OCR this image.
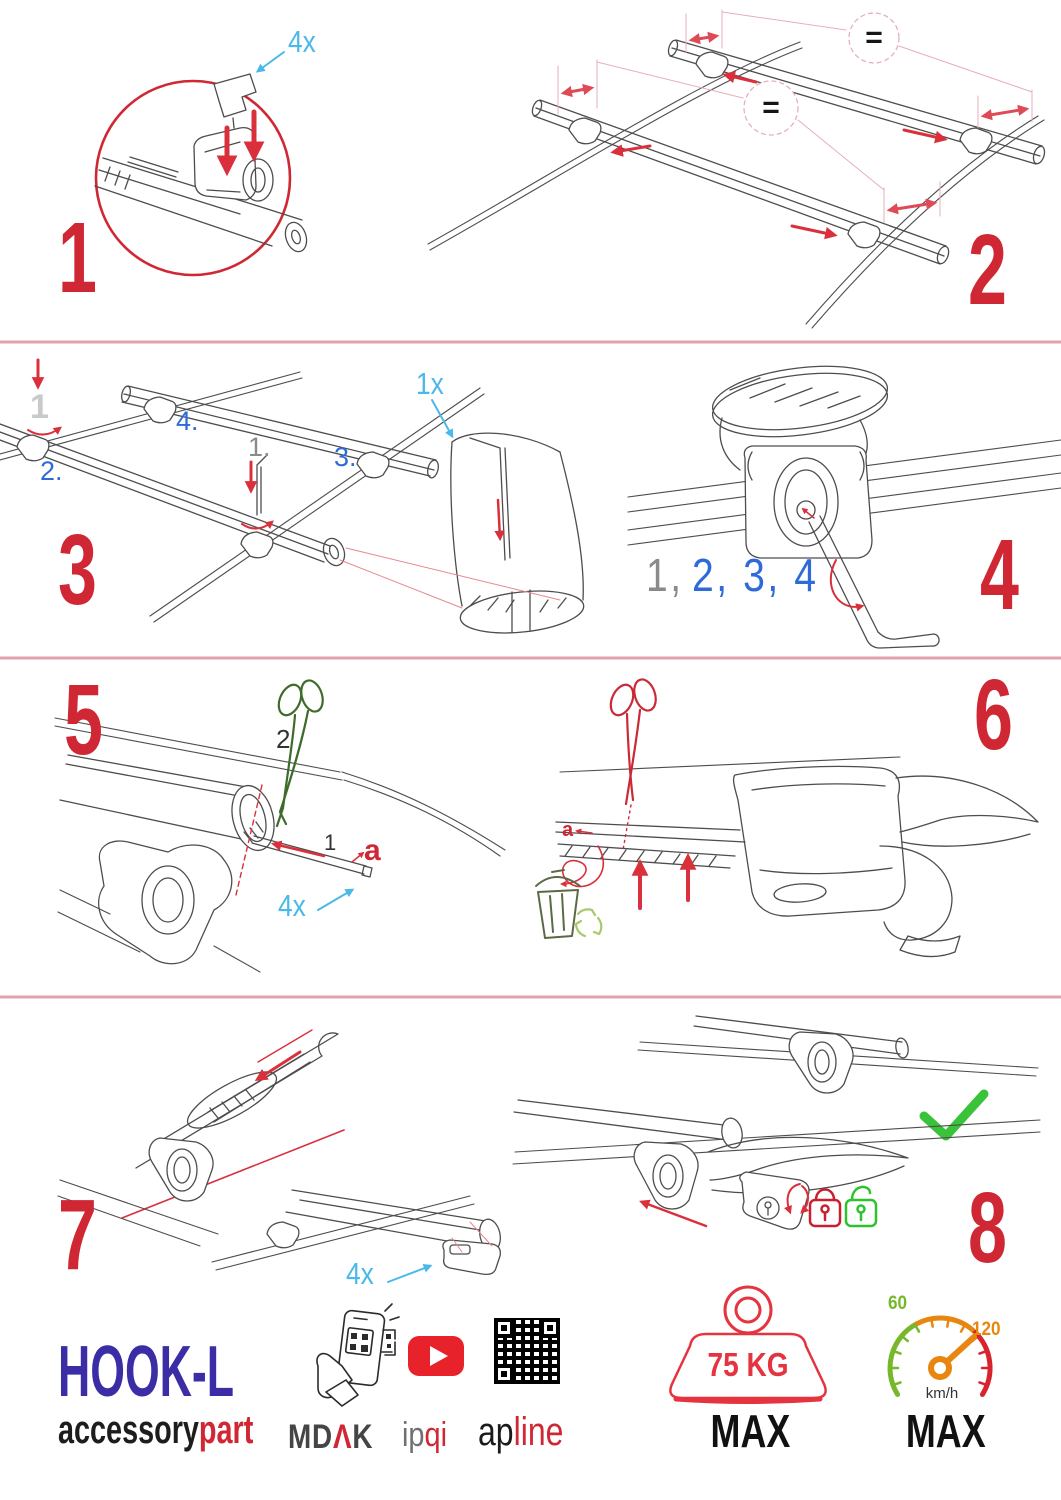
1
4x
2
=
=
3
1
1.
2.	3.
4.
1x
4
1, 2, 3, 4
5	2
1 a
4x
6
a
7	4x	8
HOOK-L
accessorypart MDΛK ipqi apline
75 KG
MAX
60
120
km/h
MAX
